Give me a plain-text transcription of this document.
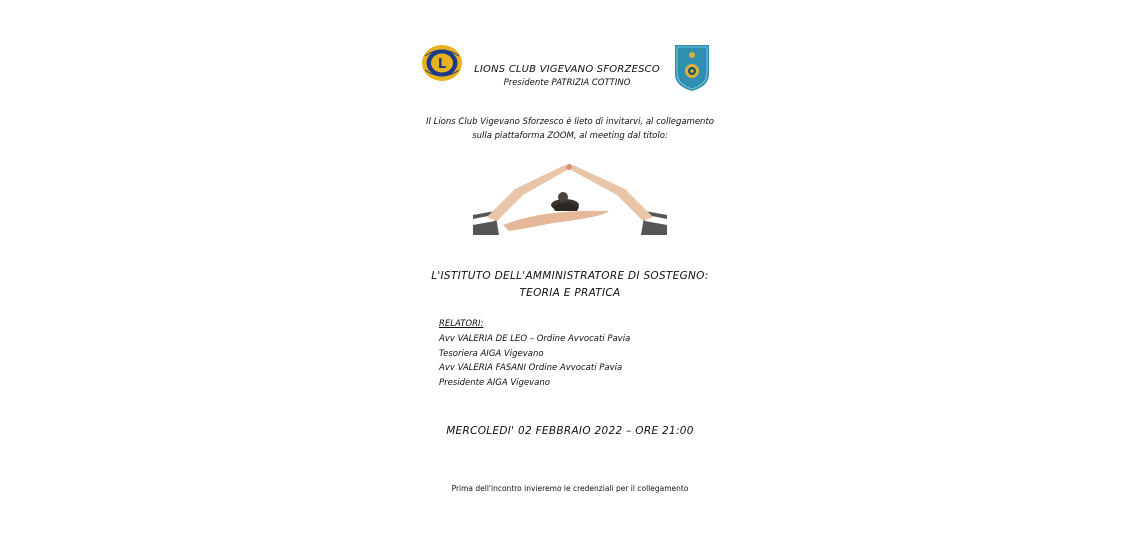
L	LIONS CLUB VIGEVANO SFORZESCO
Presidente PATRIZIA COTTINO
Il Lions Club Vigevano Sforzesco è lieto di invitarvi, al collegamento
sulla piattaforma ZOOM, al meeting dal titolo:
L'ISTITUTO DELL'AMMINISTRATORE DI SOSTEGNO:
TEORIA E PRATICA
RELATORI:
Avv VALERIA DE LEO – Ordine Avvocati Pavia
Tesoriera AIGA Vigevano
Avv VALERIA FASANI Ordine Avvocati Pavia
Presidente AIGA Vigevano
MERCOLEDI' 02 FEBBRAIO 2022 – ORE 21:00
Prima dell'incontro invieremo le credenziali per il collegamento
